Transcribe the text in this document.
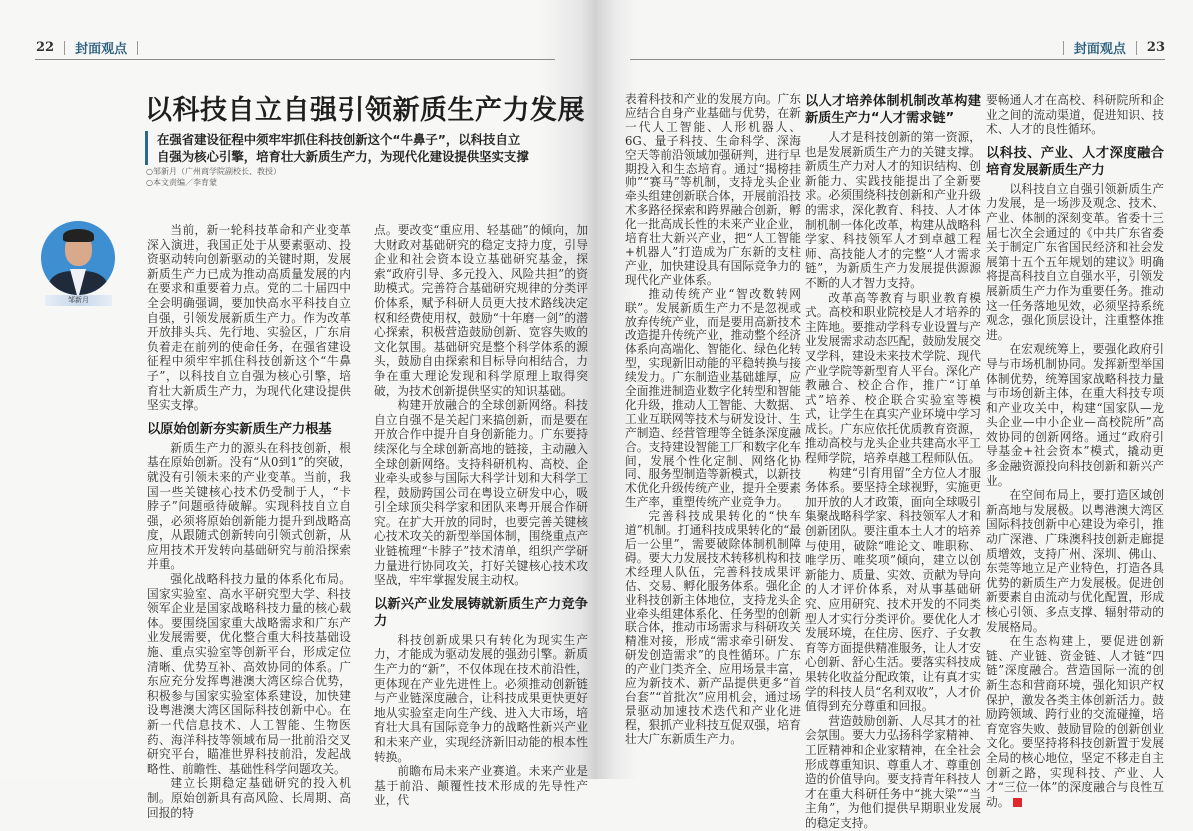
22 封面观点	封面观点 23
以科技自立自强引领新质生产力发展
在强省建设征程中须牢牢抓住科技创新这个“牛鼻子”，以科技自立自强为核心引擎，培育壮大新质生产力，为现代化建设提供坚实支撑
○邹新月（广州商学院副校长、教授）
○本文责编／李育蒙
邹新月

当前，新一轮科技革命和产业变革深入演进，我国正处于从要素驱动、投资驱动转向创新驱动的关键时期，发展新质生产力已成为推动高质量发展的内在要求和重要着力点。党的二十届四中全会明确强调，要加快高水平科技自立自强，引领发展新质生产力。作为改革开放排头兵、先行地、实验区，广东肩负着走在前列的使命任务，在强省建设征程中须牢牢抓住科技创新这个“牛鼻子”，以科技自立自强为核心引擎，培育壮大新质生产力，为现代化建设提供坚实支撑。

以原始创新夯实新质生产力根基

新质生产力的源头在科技创新，根基在原始创新。没有“从0到1”的突破，就没有引领未来的产业变革。当前，我国一些关键核心技术仍受制于人，“卡脖子”问题亟待破解。实现科技自立自强，必须将原始创新能力提升到战略高度，从跟随式创新转向引领式创新，从应用技术开发转向基础研究与前沿探索并重。

强化战略科技力量的体系化布局。国家实验室、高水平研究型大学、科技领军企业是国家战略科技力量的核心载体。要围绕国家重大战略需求和广东产业发展需要，优化整合重大科技基础设施、重点实验室等创新平台，形成定位清晰、优势互补、高效协同的体系。广东应充分发挥粤港澳大湾区综合优势，积极参与国家实验室体系建设，加快建设粤港澳大湾区国际科技创新中心。在新一代信息技术、人工智能、生物医药、海洋科技等领域布局一批前沿交叉研究平台，瞄准世界科技前沿，发起战略性、前瞻性、基础性科学问题攻关。

建立长期稳定基础研究的投入机制。原始创新具有高风险、长周期、高回报的特

点。要改变“重应用、轻基础”的倾向，加大财政对基础研究的稳定支持力度，引导企业和社会资本设立基础研究基金，探索“政府引导、多元投入、风险共担”的资助模式。完善符合基础研究规律的分类评价体系，赋予科研人员更大技术路线决定权和经费使用权，鼓励“十年磨一剑”的潜心探索，积极营造鼓励创新、宽容失败的文化氛围。基础研究是整个科学体系的源头，鼓励自由探索和目标导向相结合，力争在重大理论发现和科学原理上取得突破，为技术创新提供坚实的知识基础。

构建开放融合的全球创新网络。科技自立自强不是关起门来搞创新，而是要在开放合作中提升自身创新能力。广东要持续深化与全球创新高地的链接，主动融入全球创新网络。支持科研机构、高校、企业牵头或参与国际大科学计划和大科学工程，鼓励跨国公司在粤设立研发中心，吸引全球顶尖科学家和团队来粤开展合作研究。在扩大开放的同时，也要完善关键核心技术攻关的新型举国体制，围绕重点产业链梳理“卡脖子”技术清单，组织产学研力量进行协同攻关，打好关键核心技术攻坚战，牢牢掌握发展主动权。

以新兴产业发展铸就新质生产力竞争力

科技创新成果只有转化为现实生产力，才能成为驱动发展的强劲引擎。新质生产力的“新”，不仅体现在技术前沿性，更体现在产业先进性上。必须推动创新链与产业链深度融合，让科技成果更快更好地从实验室走向生产线、进入大市场，培育壮大具有国际竞争力的战略性新兴产业和未来产业，实现经济新旧动能的根本性转换。

前瞻布局未来产业赛道。未来产业是基于前沿、颠覆性技术形成的先导性产业，代

表着科技和产业的发展方向。广东应结合自身产业基础与优势，在新一代人工智能、人形机器人、6G、量子科技、生命科学、深海空天等前沿领域加强研判，进行早期投入和生态培育。通过“揭榜挂帅”“赛马”等机制，支持龙头企业牵头组建创新联合体，开展前沿技术多路径探索和跨界融合创新，孵化一批高成长性的未来产业企业，培育壮大新兴产业，把“人工智能+机器人”打造成为广东新的支柱产业，加快建设具有国际竞争力的现代化产业体系。

推动传统产业“智改数转网联”。发展新质生产力不是忽视或放弃传统产业，而是要用高新技术改造提升传统产业，推动整个经济体系向高端化、智能化、绿色化转型，实现新旧动能的平稳转换与接续发力。广东制造业基础雄厚，应全面推进制造业数字化转型和智能化升级，推动人工智能、大数据、工业互联网等技术与研发设计、生产制造、经营管理等全链条深度融合。支持建设智能工厂和数字化车间，发展个性化定制、网络化协同、服务型制造等新模式，以新技术优化升级传统产业，提升全要素生产率，重塑传统产业竞争力。

完善科技成果转化的“快车道”机制。打通科技成果转化的“最后一公里”，需要破除体制机制障碍。要大力发展技术转移机构和技术经理人队伍，完善科技成果评估、交易、孵化服务体系。强化企业科技创新主体地位，支持龙头企业牵头组建体系化、任务型的创新联合体，推动市场需求与科研攻关精准对接，形成“需求牵引研发、研发创造需求”的良性循环。广东的产业门类齐全、应用场景丰富，应为新技术、新产品提供更多“首台套”“首批次”应用机会，通过场景驱动加速技术迭代和产业化进程，狠抓产业科技互促双强，培育壮大广东新质生产力。

以人才培养体制机制改革构建新质生产力“人才需求链”

人才是科技创新的第一资源，也是发展新质生产力的关键支撑。新质生产力对人才的知识结构、创新能力、实践技能提出了全新要求。必须围绕科技创新和产业升级的需求，深化教育、科技、人才体制机制一体化改革，构建从战略科学家、科技领军人才到卓越工程师、高技能人才的完整“人才需求链”，为新质生产力发展提供源源不断的人才智力支持。

改革高等教育与职业教育模式。高校和职业院校是人才培养的主阵地。要推动学科专业设置与产业发展需求动态匹配，鼓励发展交叉学科，建设未来技术学院、现代产业学院等新型育人平台。深化产教融合、校企合作，推广“订单式”培养、校企联合实验室等模式，让学生在真实产业环境中学习成长。广东应依托优质教育资源，推动高校与龙头企业共建高水平工程师学院，培养卓越工程师队伍。

构建“引育用留”全方位人才服务体系。要坚持全球视野，实施更加开放的人才政策，面向全球吸引集聚战略科学家、科技领军人才和创新团队。要注重本土人才的培养与使用，破除“唯论文、唯职称、唯学历、唯奖项”倾向，建立以创新能力、质量、实效、贡献为导向的人才评价体系，对从事基础研究、应用研究、技术开发的不同类型人才实行分类评价。要优化人才发展环境，在住房、医疗、子女教育等方面提供精准服务，让人才安心创新、舒心生活。要落实科技成果转化收益分配政策，让有真才实学的科技人员“名利双收”，人才价值得到充分尊重和回报。

营造鼓励创新、人尽其才的社会氛围。要大力弘扬科学家精神、工匠精神和企业家精神，在全社会形成尊重知识、尊重人才、尊重创造的价值导向。要支持青年科技人才在重大科研任务中“挑大梁”“当主角”，为他们提供早期职业发展的稳定支持。

要畅通人才在高校、科研院所和企业之间的流动渠道，促进知识、技术、人才的良性循环。

以科技、产业、人才深度融合培育发展新质生产力

以科技自立自强引领新质生产力发展，是一场涉及观念、技术、产业、体制的深刻变革。省委十三届七次全会通过的《中共广东省委关于制定广东省国民经济和社会发展第十五个五年规划的建议》明确将提高科技自立自强水平，引领发展新质生产力作为重要任务。推动这一任务落地见效，必须坚持系统观念，强化顶层设计，注重整体推进。

在宏观统筹上，要强化政府引导与市场机制协同。发挥新型举国体制优势，统筹国家战略科技力量与市场创新主体，在重大科技专项和产业攻关中，构建“国家队—龙头企业—中小企业—高校院所”高效协同的创新网络。通过“政府引导基金+社会资本”模式，撬动更多金融资源投向科技创新和新兴产业。

在空间布局上，要打造区域创新高地与发展极。以粤港澳大湾区国际科技创新中心建设为牵引，推动广深港、广珠澳科技创新走廊提质增效，支持广州、深圳、佛山、东莞等地立足产业特色，打造各具优势的新质生产力发展极。促进创新要素自由流动与优化配置，形成核心引领、多点支撑、辐射带动的发展格局。

在生态构建上，要促进创新链、产业链、资金链、人才链“四链”深度融合。营造国际一流的创新生态和营商环境，强化知识产权保护，激发各类主体创新活力。鼓励跨领域、跨行业的交流碰撞，培育宽容失败、鼓励冒险的创新创业文化。要坚持将科技创新置于发展全局的核心地位，坚定不移走自主创新之路，实现科技、产业、人才“三位一体”的深度融合与良性互动。
